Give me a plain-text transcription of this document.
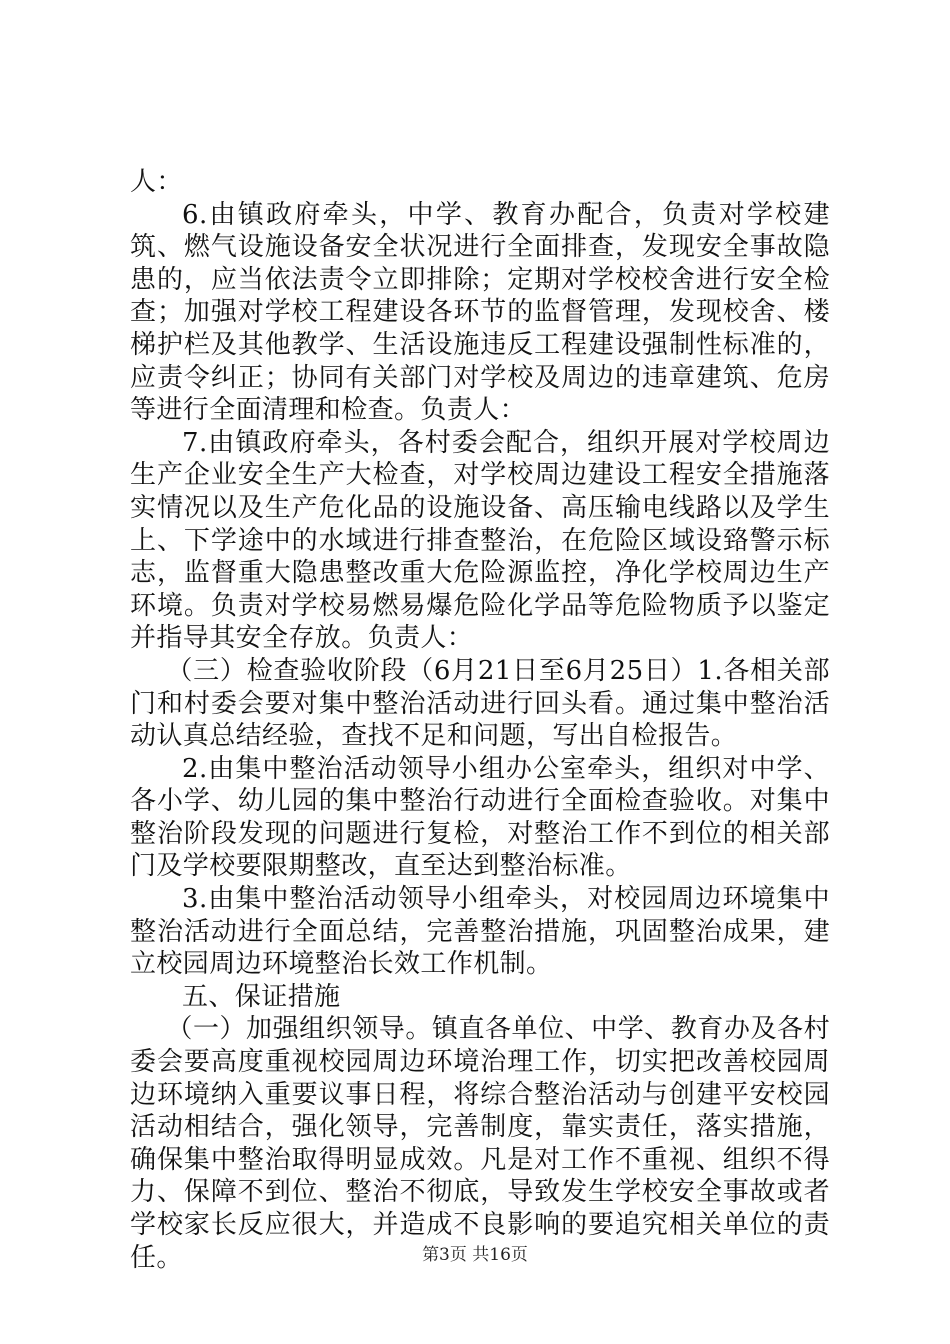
人：

6.由镇政府牵头，中学、教育办配合，负责对学校建筑、燃气设施设备安全状况进行全面排查，发现安全事故隐患的，应当依法责令立即排除；定期对学校校舍进行安全检查；加强对学校工程建设各环节的监督管理，发现校舍、楼梯护栏及其他教学、生活设施违反工程建设强制性标准的，应责令纠正；协同有关部门对学校及周边的违章建筑、危房等进行全面清理和检查。负责人：

7.由镇政府牵头，各村委会配合，组织开展对学校周边生产企业安全生产大检查，对学校周边建设工程安全措施落实情况以及生产危化品的设施设备、高压输电线路以及学生上、下学途中的水域进行排查整治，在危险区域设臵警示标志，监督重大隐患整改重大危险源监控，净化学校周边生产环境。负责对学校易燃易爆危险化学品等危险物质予以鉴定并指导其安全存放。负责人：

（三）检查验收阶段（6月21日至6月25日）1.各相关部门和村委会要对集中整治活动进行回头看。通过集中整治活动认真总结经验，查找不足和问题，写出自检报告。

2.由集中整治活动领导小组办公室牵头，组织对中学、各小学、幼儿园的集中整治行动进行全面检查验收。对集中整治阶段发现的问题进行复检，对整治工作不到位的相关部门及学校要限期整改，直至达到整治标准。

3.由集中整治活动领导小组牵头，对校园周边环境集中整治活动进行全面总结，完善整治措施，巩固整治成果，建立校园周边环境整治长效工作机制。

五、保证措施

（一）加强组织领导。镇直各单位、中学、教育办及各村委会要高度重视校园周边环境治理工作，切实把改善校园周边环境纳入重要议事日程，将综合整治活动与创建平安校园活动相结合，强化领导，完善制度，靠实责任，落实措施，确保集中整治取得明显成效。凡是对工作不重视、组织不得力、保障不到位、整治不彻底，导致发生学校安全事故或者学校家长反应很大，并造成不良影响的要追究相关单位的责任。	第3页 共16页
